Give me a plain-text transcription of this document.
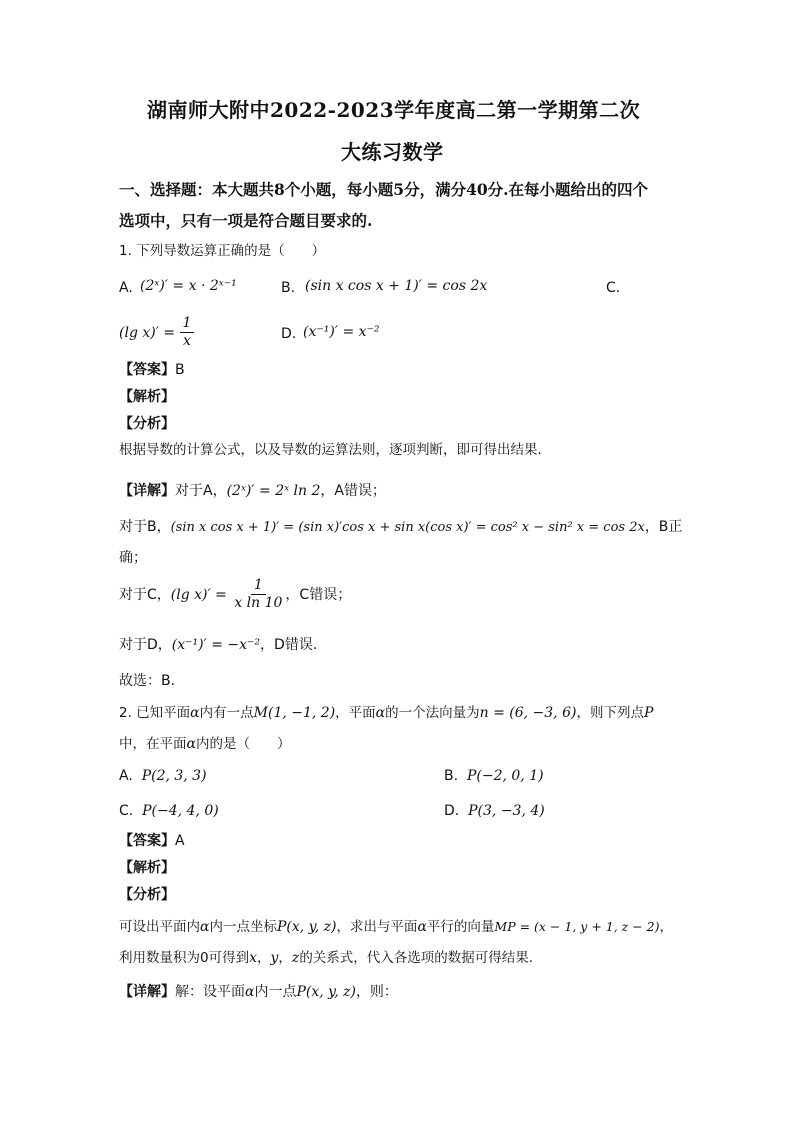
湖南师大附中2022-2023学年度高二第一学期第二次
大练习数学
一、选择题：本大题共8个小题，每小题5分，满分40分.在每小题给出的四个
选项中，只有一项是符合题目要求的.
1. 下列导数运算正确的是（　　）
A. (2ˣ)′ = x · 2ˣ⁻¹	B. (sin x cos x + 1)′ = cos 2x	C.
(lg $x)' = \frac{1}{x}$	D. (x⁻¹)′ = x⁻²
【答案】B
【解析】
【分析】
根据导数的计算公式，以及导数的运算法则，逐项判断，即可得出结果.
【详解】对于A，(2ˣ)′ = 2ˣ ln 2，A错误；
对于B，(sin x cos x + 1)′ = (sin x)′cos x + sin x(cos x)′ = cos² x − sin² x = cos 2x，B正
确；
对于C，(lg $x)' = \frac{1}{\text{x ln 10}}$ ，C错误；
对于D，(x⁻¹)′ = −x⁻²，D错误.
故选：B.
2. 已知平面α内有一点M(1, −1, 2)，平面α的一个法向量为n = (6, −3, 6)，则下列点P
中，在平面α内的是（　　）
A. P(2, 3, 3)	B. P(−2, 0, 1)
C. P(−4, 4, 0)	D. P(3, −3, 4)
【答案】A
【解析】
【分析】
可设出平面内α内一点坐标P(x, y, z)，求出与平面α平行的向量MP = (x − 1, y + 1, z − 2)，
利用数量积为0可得到x，y，z的关系式，代入各选项的数据可得结果.
【详解】解：设平面α内一点P(x, y, z)，则：
